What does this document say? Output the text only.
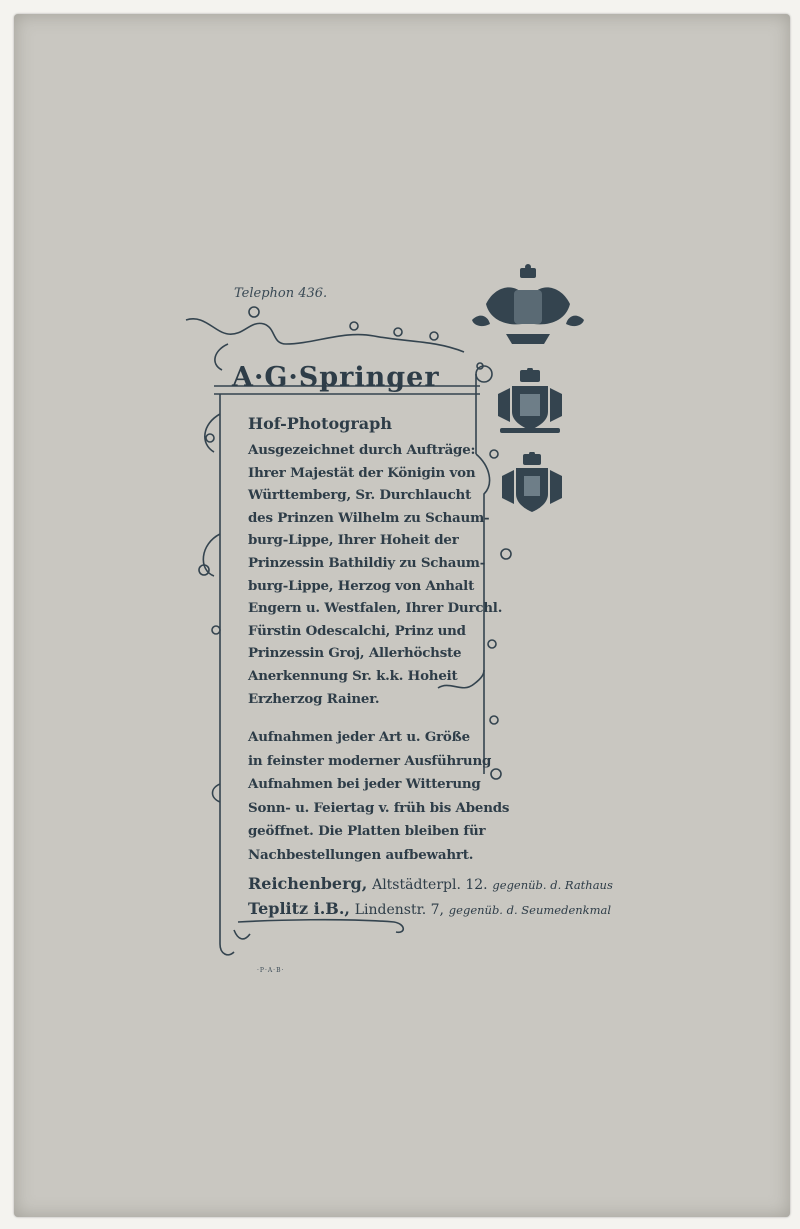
Telephon 436.
A·G·Springer
Hof-Photograph
Ausgezeichnet durch Aufträge:
Ihrer Majestät der Königin von
Württemberg, Sr. Durchlaucht
des Prinzen Wilhelm zu Schaum-
burg-Lippe, Ihrer Hoheit der
Prinzessin Bathildiy zu Schaum-
burg-Lippe, Herzog von Anhalt
Engern u. Westfalen, Ihrer Durchl.
Fürstin Odescalchi, Prinz und
Prinzessin Groj, Allerhöchste
Anerkennung Sr. k.k. Hoheit
Erzherzog Rainer.
Aufnahmen jeder Art u. Größe
in feinster moderner Ausführung
Aufnahmen bei jeder Witterung
Sonn- u. Feiertag v. früh bis Abends
geöffnet. Die Platten bleiben für
Nachbestellungen aufbewahrt.
Reichenberg, Altstädterpl. 12. gegenüb. d. Rathaus
Teplitz i.B., Lindenstr. 7, gegenüb. d. Seumedenkmal
·P·A·B·
